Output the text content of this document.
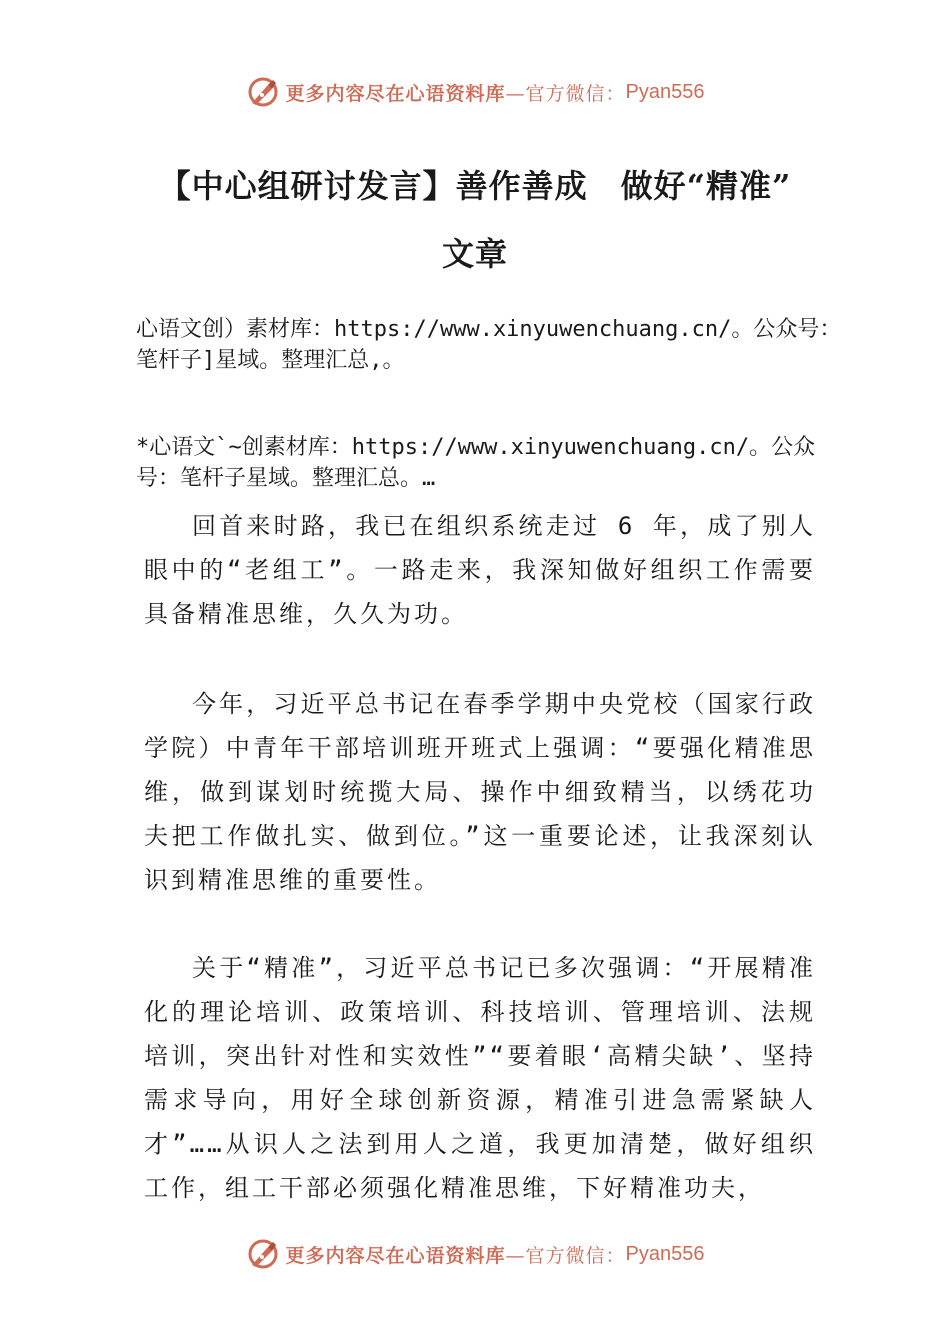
更多内容尽在心语资料库 —官方微信： Pyan556
【中心组研讨发言】善作善成　做好“精准”
文章

心语文创）素材库：https://www.xinyuwenchuang.cn/。公众号：笔杆子]星域。整理汇总,。

*心语文`~创素材库：https://www.xinyuwenchuang.cn/。公众号：笔杆子星域。整理汇总。…

回首来时路，我已在组织系统走过 6 年，成了别人眼中的“老组工”。一路走来，我深知做好组织工作需要具备精准思维，久久为功。

今年，习近平总书记在春季学期中央党校（国家行政学院）中青年干部培训班开班式上强调：“要强化精准思维，做到谋划时统揽大局、操作中细致精当，以绣花功夫把工作做扎实、做到位。”这一重要论述，让我深刻认识到精准思维的重要性。

关于“精准”，习近平总书记已多次强调：“开展精准化的理论培训、政策培训、科技培训、管理培训、法规培训，突出针对性和实效性”“要着眼‘高精尖缺’、坚持需求导向，用好全球创新资源，精准引进急需紧缺人才”……从识人之法到用人之道，我更加清楚，做好组织工作，组工干部必须强化精准思维，下好精准功夫，

更多内容尽在心语资料库 —官方微信： Pyan556
